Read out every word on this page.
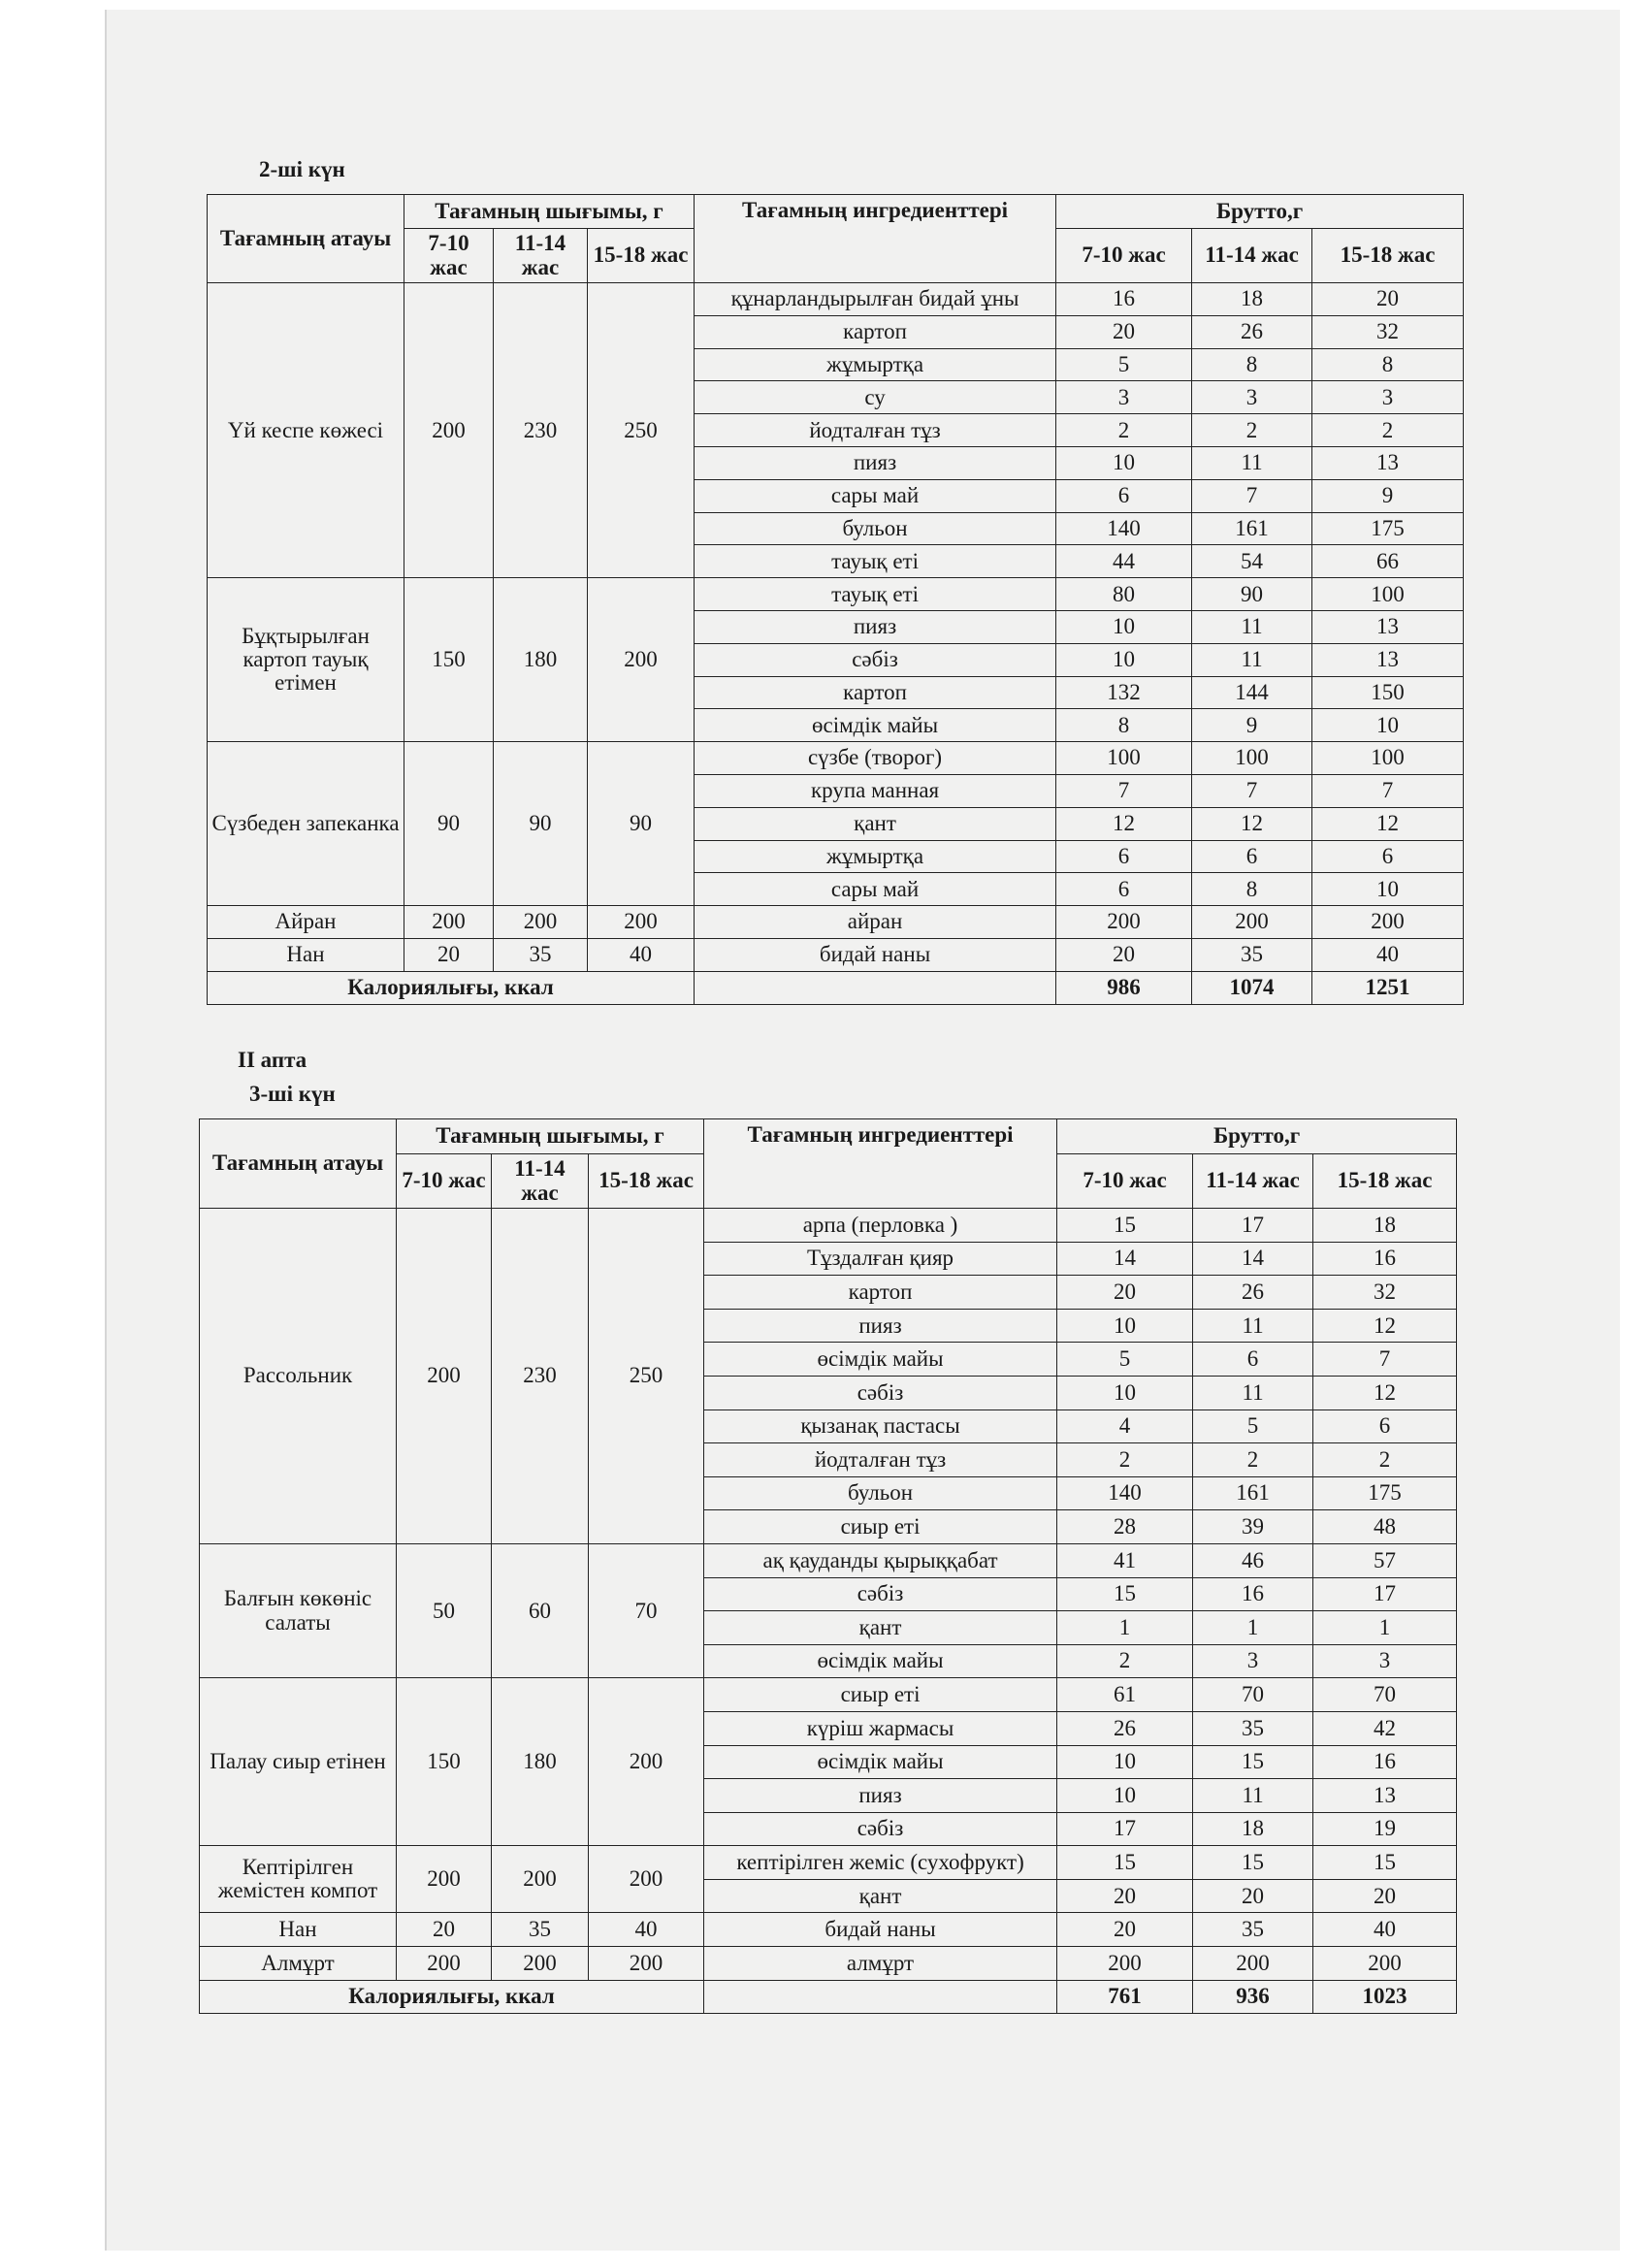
2-ші күн
Тағамның атауы	Тағамның шығымы, г			Тағамның ингредиенттері	Брутто,г		
	7-10 жас	11-14 жас	15-18 жас		7-10 жас	11-14 жас	15-18 жас
Үй кеспе көжесі	200	230	250	құнарландырылған бидай ұны	16	18	20
				картоп	20	26	32
				жұмыртқа	5	8	8
				су	3	3	3
				йодталған тұз	2	2	2
				пияз	10	11	13
				сары май	6	7	9
				бульон	140	161	175
				тауық еті	44	54	66
Бұқтырылған картоп тауық етімен	150	180	200	тауық еті	80	90	100
				пияз	10	11	13
				сәбіз	10	11	13
				картоп	132	144	150
				өсімдік майы	8	9	10
Сүзбеден запеканка	90	90	90	сүзбе (творог)	100	100	100
				крупа манная	7	7	7
				қант	12	12	12
				жұмыртқа	6	6	6
				сары май	6	8	10
Айран	200	200	200	айран	200	200	200
Нан	20	35	40	бидай наны	20	35	40
Калориялығы, ккал					986	1074	1251
II апта
3-ші күн
Тағамның атауы	Тағамның шығымы, г			Тағамның ингредиенттері	Брутто,г		
	7-10 жас	11-14 жас	15-18 жас		7-10 жас	11-14 жас	15-18 жас
Рассольник	200	230	250	арпа (перловка )	15	17	18
				Тұздалған қияр	14	14	16
				картоп	20	26	32
				пияз	10	11	12
				өсімдік майы	5	6	7
				сәбіз	10	11	12
				қызанақ пастасы	4	5	6
				йодталған тұз	2	2	2
				бульон	140	161	175
				сиыр еті	28	39	48
Балғын көкөніс салаты	50	60	70	ақ қауданды қырыққабат	41	46	57
				сәбіз	15	16	17
				қант	1	1	1
				өсімдік майы	2	3	3
Палау сиыр етінен	150	180	200	сиыр еті	61	70	70
				күріш жармасы	26	35	42
				өсімдік майы	10	15	16
				пияз	10	11	13
				сәбіз	17	18	19
Кептірілген жемістен компот	200	200	200	кептірілген жеміс (сухофрукт)	15	15	15
				қант	20	20	20
Нан	20	35	40	бидай наны	20	35	40
Алмұрт	200	200	200	алмұрт	200	200	200
Калориялығы, ккал					761	936	1023
